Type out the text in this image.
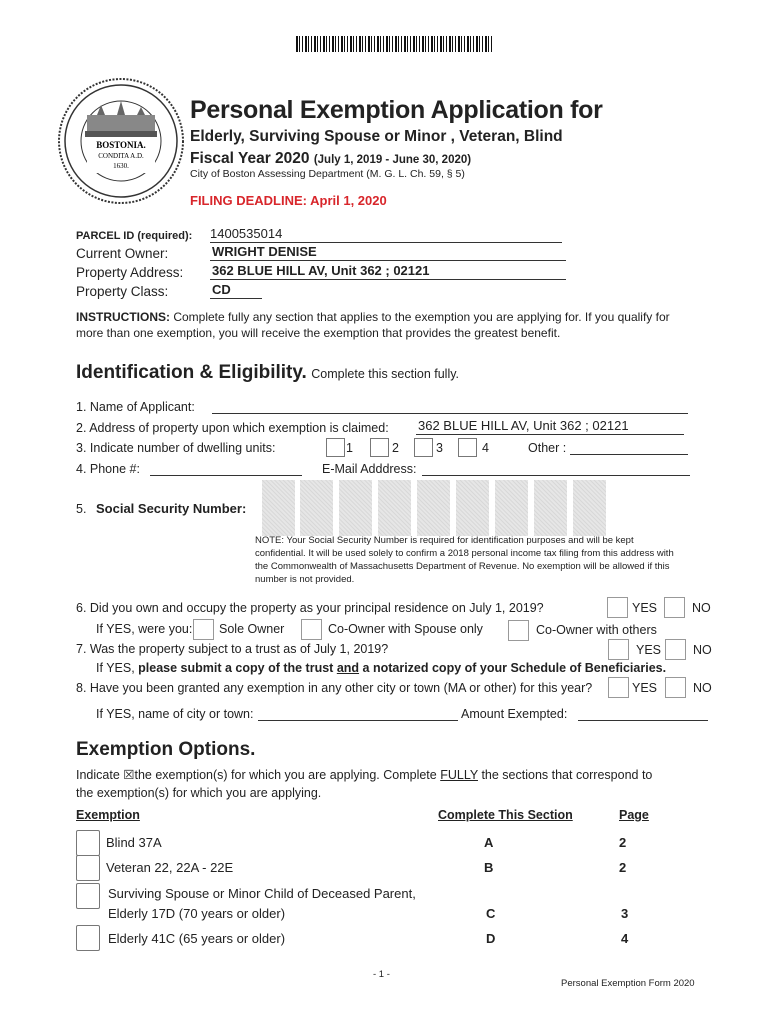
BOSTONIA.
CONDITA A.D.
1630.
Personal Exemption Application for
Elderly, Surviving Spouse or Minor , Veteran, Blind
Fiscal Year 2020 (July 1, 2019 - June 30, 2020)
City of Boston Assessing Department (M. G. L. Ch. 59, § 5)
FILING DEADLINE: April 1, 2020
PARCEL ID (required): 1400535014
Current Owner:	WRIGHT DENISE
Property Address: 362 BLUE HILL AV, Unit 362 ; 02121
Property Class:	CD
INSTRUCTIONS: Complete fully any section that applies to the exemption you are applying for. If you qualify for more than one exemption, you will receive the exemption that provides the greatest benefit.
Identification & Eligibility. Complete this section fully.
1. Name of Applicant:
2. Address of property upon which exemption is claimed: 362 BLUE HILL AV, Unit 362 ; 02121
3. Indicate number of dwelling units:	1	2	3	4	Other :
4. Phone #:	E-Mail Adddress:
5. Social Security Number:
NOTE: Your Social Security Number is required for identification purposes and will be kept confidential. It will be used solely to confirm a 2018 personal income tax filing from this address with the Commonwealth of Massachusetts Department of Revenue. No exemption will be allowed if this number is not provided.
6. Did you own and occupy the property as your principal residence on July 1, 2019?	YES	NO
If YES, were you: Sole Owner	Co-Owner with Spouse only	Co-Owner with others
7. Was the property subject to a trust as of July 1, 2019?	YES	NO
If YES, please submit a copy of the trust and a notarized copy of your Schedule of Beneficiaries.
8. Have you been granted any exemption in any other city or town (MA or other) for this year?	YES	NO
If YES, name of city or town:	Amount Exempted:
Exemption Options.
Indicate ☒the exemption(s) for which you are applying. Complete FULLY the sections that correspond to
the exemption(s) for which you are applying.
Exemption	Complete This Section	Page
Blind 37A	A	2
Veteran 22, 22A - 22E	B	2
Surviving Spouse or Minor Child of Deceased Parent,
Elderly 17D (70 years or older)	C	3
Elderly 41C (65 years or older)	D	4
- 1 -
Personal Exemption Form 2020
